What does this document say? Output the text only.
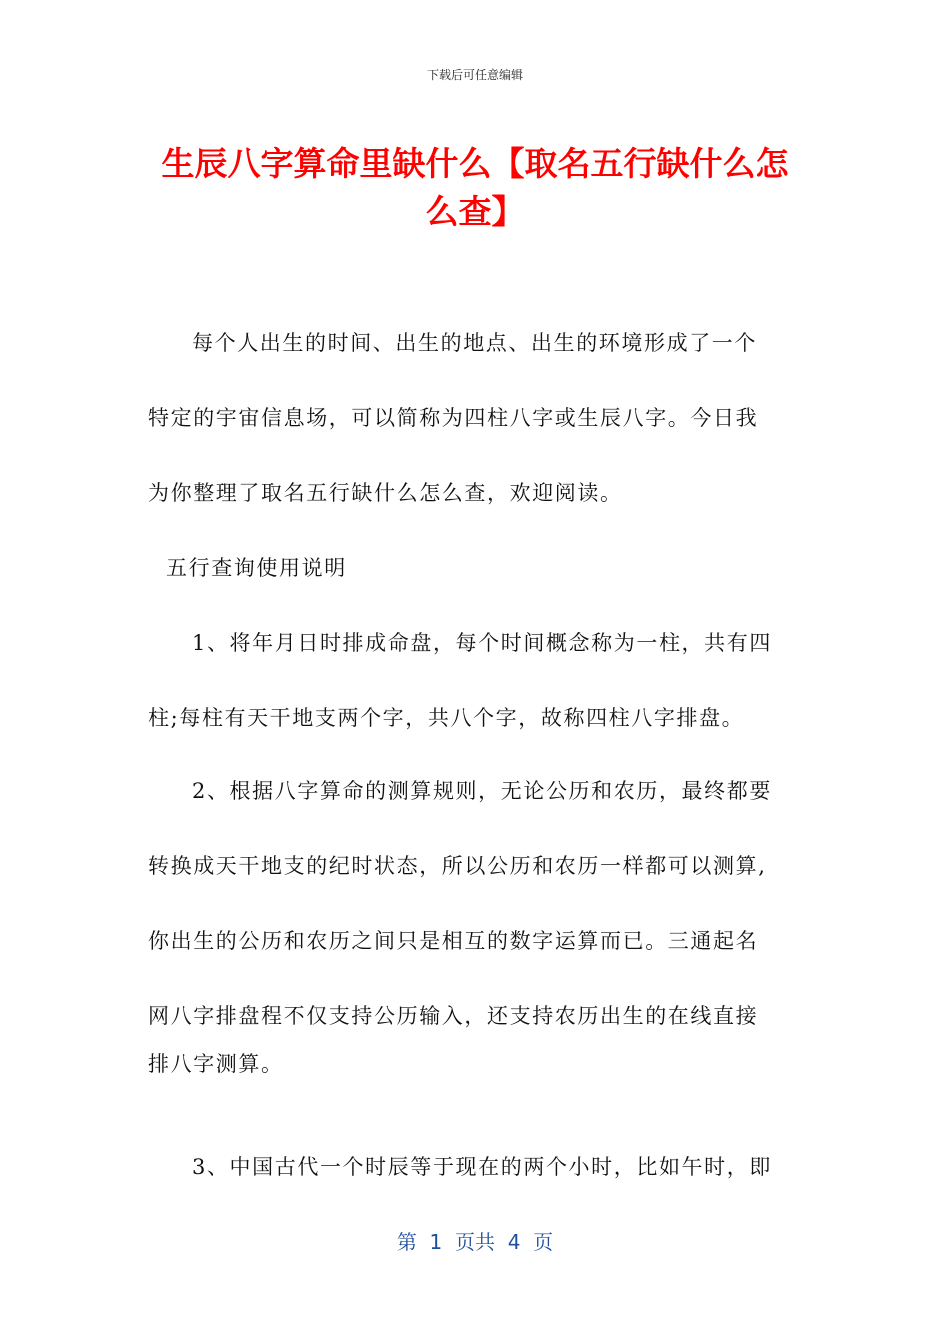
下载后可任意编辑
生辰八字算命里缺什么【取名五行缺什么怎
么查】
每个人出生的时间、出生的地点、出生的环境形成了一个
特定的宇宙信息场，可以简称为四柱八字或生辰八字。今日我
为你整理了取名五行缺什么怎么查，欢迎阅读。
五行查询使用说明
1、将年月日时排成命盘，每个时间概念称为一柱，共有四
柱;每柱有天干地支两个字，共八个字，故称四柱八字排盘。
2、根据八字算命的测算规则，无论公历和农历，最终都要
转换成天干地支的纪时状态，所以公历和农历一样都可以测算,
你出生的公历和农历之间只是相互的数字运算而已。三通起名
网八字排盘程不仅支持公历输入，还支持农历出生的在线直接
排八字测算。
3、中国古代一个时辰等于现在的两个小时，比如午时，即
第  1  页共  4  页
